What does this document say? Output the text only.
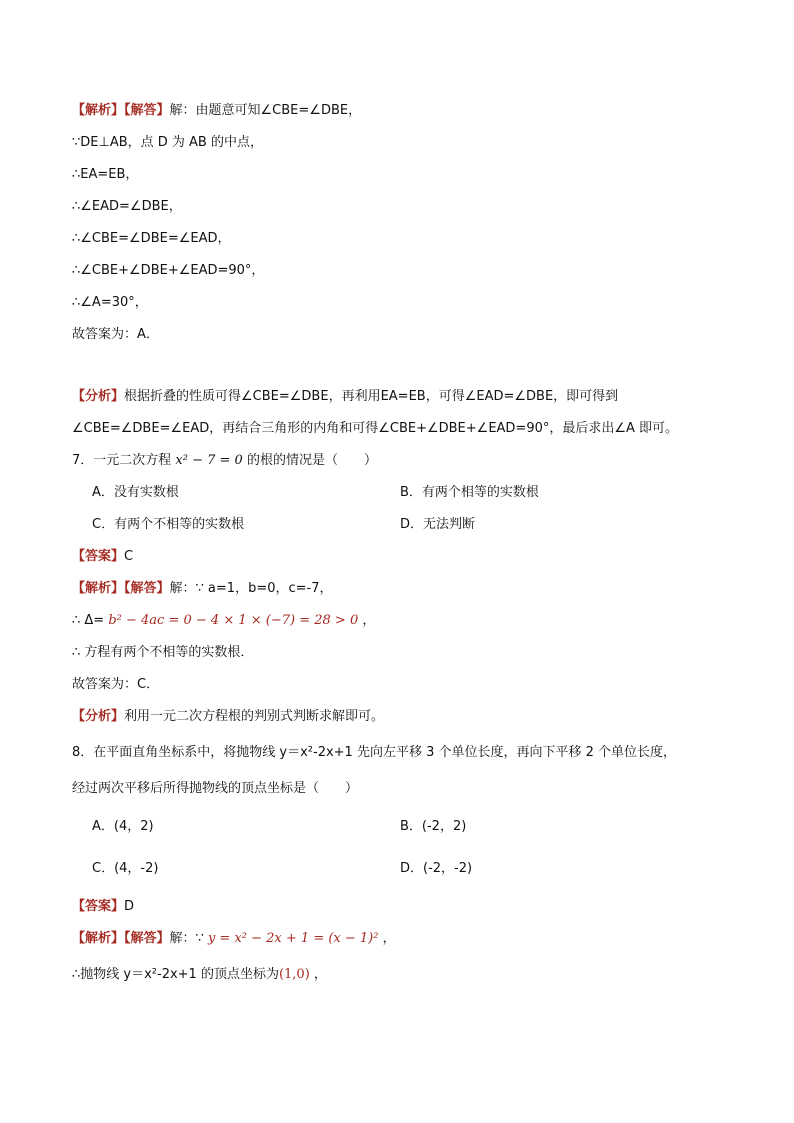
【解析】【解答】解：由题意可知∠CBE=∠DBE，
∵DE⊥AB，点 D 为 AB 的中点，
∴EA=EB，
∴∠EAD=∠DBE，
∴∠CBE=∠DBE=∠EAD，
∴∠CBE+∠DBE+∠EAD=90°，
∴∠A=30°，
故答案为：A．
【分析】根据折叠的性质可得∠CBE=∠DBE，再利用EA=EB，可得∠EAD=∠DBE，即可得到
∠CBE=∠DBE=∠EAD，再结合三角形的内角和可得∠CBE+∠DBE+∠EAD=90°，最后求出∠A 即可。
7．一元二次方程 x² − 7 = 0 的根的情况是（　　）
A．没有实数根	B．有两个相等的实数根
C．有两个不相等的实数根	D．无法判断
【答案】C
【解析】【解答】解：∵ a=1，b=0，c=-7，
∴ Δ= b² − 4ac = 0 − 4 × 1 × (−7) = 28 > 0 ，
∴ 方程有两个不相等的实数根．
故答案为：C．
【分析】利用一元二次方程根的判别式判断求解即可。
8．在平面直角坐标系中，将抛物线 y＝x²-2x+1 先向左平移 3 个单位长度，再向下平移 2 个单位长度，
经过两次平移后所得抛物线的顶点坐标是（　　）
A．(4，2)	B．(-2，2)
C．(4，-2)	D．(-2，-2)
【答案】D
【解析】【解答】解：∵ y = x² − 2x + 1 = (x − 1)² ，
∴抛物线 y＝x²-2x+1 的顶点坐标为(1,0) ，
